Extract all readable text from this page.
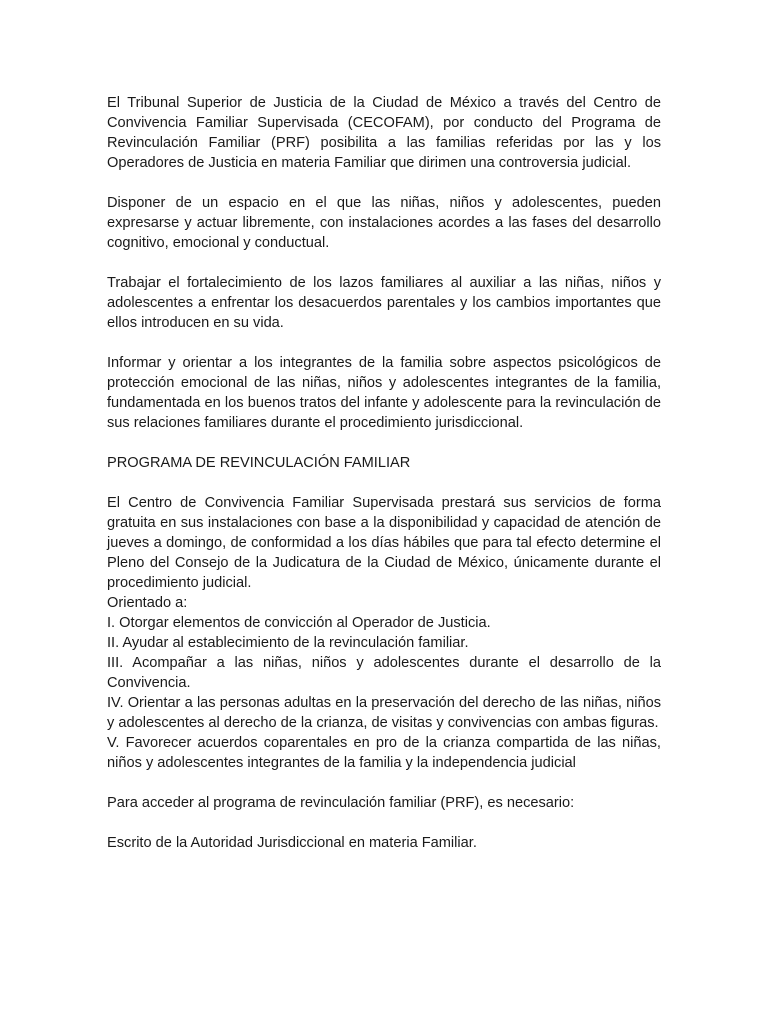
El Tribunal Superior de Justicia de la Ciudad de México a través del Centro de Convivencia Familiar Supervisada (CECOFAM), por conducto del Programa de Revinculación Familiar (PRF) posibilita a las familias referidas por las y los Operadores de Justicia en materia Familiar que dirimen una controversia judicial.

Disponer de un espacio en el que las niñas, niños y adolescentes, pueden expresarse y actuar libremente, con instalaciones acordes a las fases del desarrollo cognitivo, emocional y conductual.

Trabajar el fortalecimiento de los lazos familiares al auxiliar a las niñas, niños y adolescentes a enfrentar los desacuerdos parentales y los cambios importantes que ellos introducen en su vida.

Informar y orientar a los integrantes de la familia sobre aspectos psicológicos de protección emocional de las niñas, niños y adolescentes integrantes de la familia, fundamentada en los buenos tratos del infante y adolescente para la revinculación de sus relaciones familiares durante el procedimiento jurisdiccional.

PROGRAMA DE REVINCULACIÓN FAMILIAR

El Centro de Convivencia Familiar Supervisada prestará sus servicios de forma gratuita en sus instalaciones con base a la disponibilidad y capacidad de atención de jueves a domingo, de conformidad a los días hábiles que para tal efecto determine el Pleno del Consejo de la Judicatura de la Ciudad de México, únicamente durante el procedimiento judicial.
Orientado a:
I. Otorgar elementos de convicción al Operador de Justicia.
II. Ayudar al establecimiento de la revinculación familiar.
III. Acompañar a las niñas, niños y adolescentes durante el desarrollo de la Convivencia.
IV. Orientar a las personas adultas en la preservación del derecho de las niñas, niños y adolescentes al derecho de la crianza, de visitas y convivencias con ambas figuras.
V. Favorecer acuerdos coparentales en pro de la crianza compartida de las niñas, niños y adolescentes integrantes de la familia y la independencia judicial

Para acceder al programa de revinculación familiar (PRF), es necesario:

Escrito de la Autoridad Jurisdiccional en materia Familiar.
